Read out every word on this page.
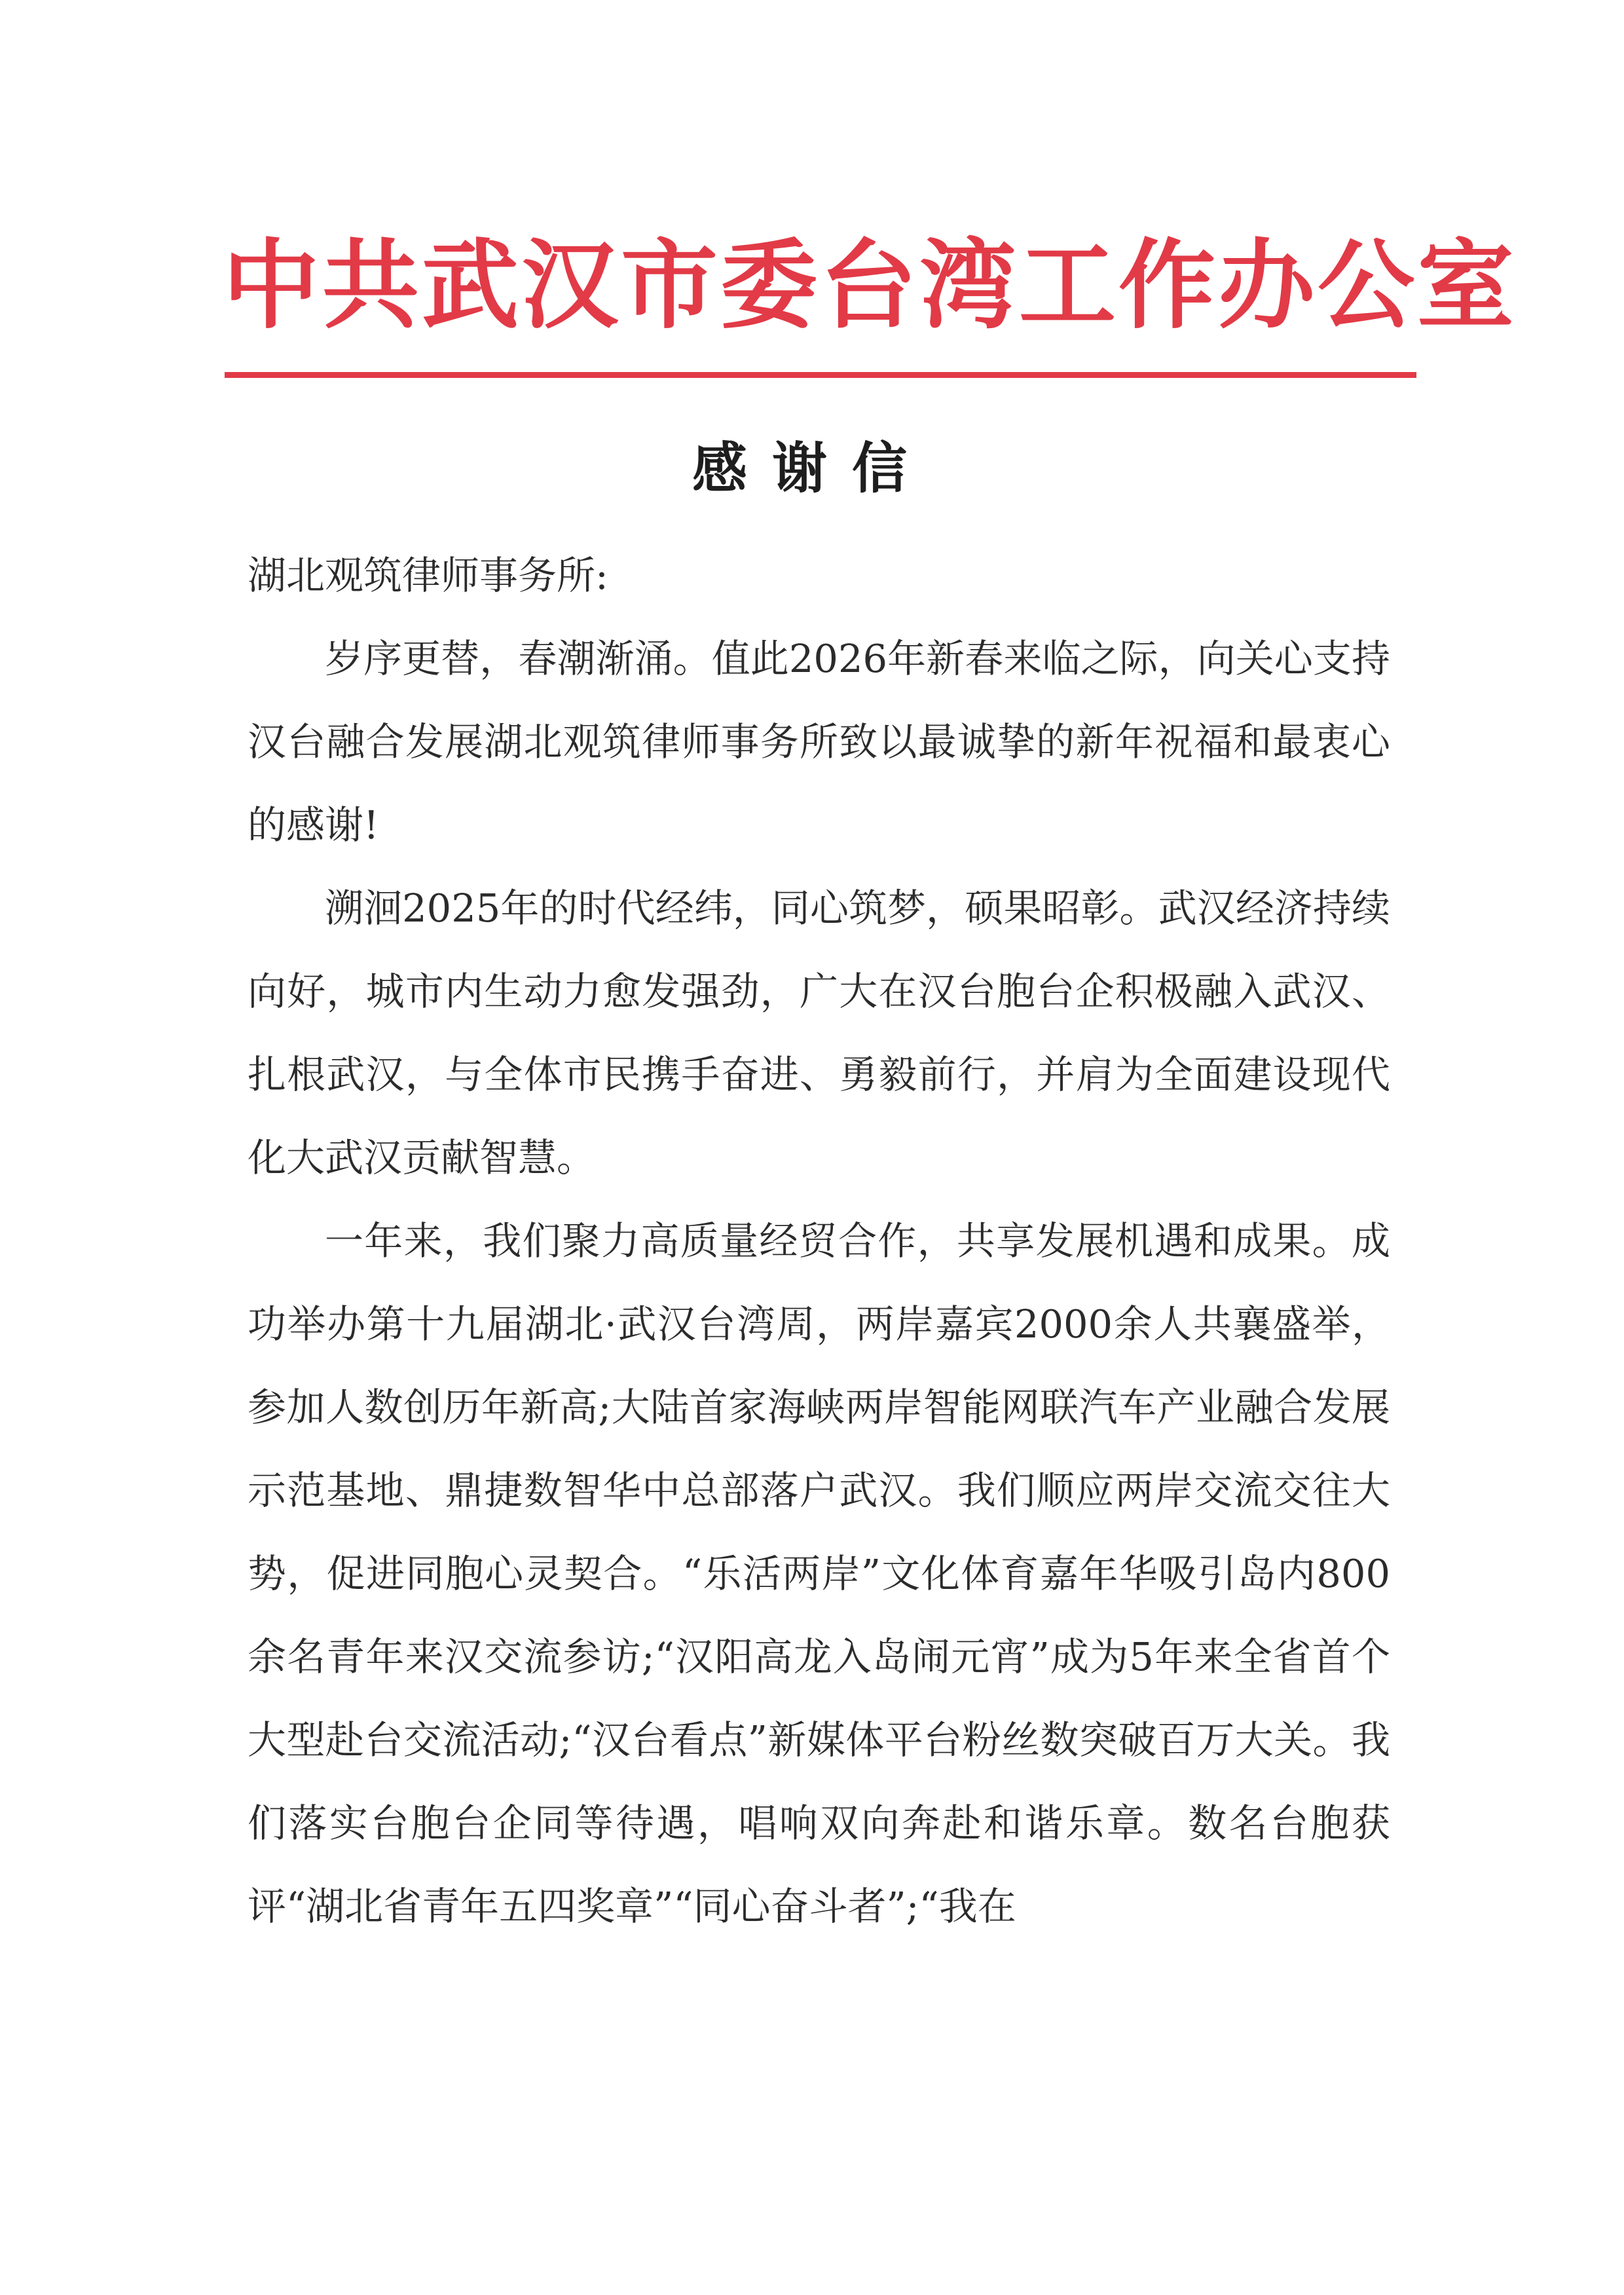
中共武汉市委台湾工作办公室
感谢信

湖北观筑律师事务所:

岁序更替，春潮渐涌。值此2026年新春来临之际，向关心支持汉台融合发展湖北观筑律师事务所致以最诚挚的新年祝福和最衷心的感谢!

溯洄2025年的时代经纬，同心筑梦，硕果昭彰。武汉经济持续向好，城市内生动力愈发强劲，广大在汉台胞台企积极融入武汉、扎根武汉，与全体市民携手奋进、勇毅前行，并肩为全面建设现代化大武汉贡献智慧。

一年来，我们聚力高质量经贸合作，共享发展机遇和成果。成功举办第十九届湖北·武汉台湾周，两岸嘉宾2000余人共襄盛举，参加人数创历年新高;大陆首家海峡两岸智能网联汽车产业融合发展示范基地、鼎捷数智华中总部落户武汉。我们顺应两岸交流交往大势，促进同胞心灵契合。“乐活两岸”文化体育嘉年华吸引岛内800余名青年来汉交流参访;“汉阳高龙入岛闹元宵”成为5年来全省首个大型赴台交流活动;“汉台看点”新媒体平台粉丝数突破百万大关。我们落实台胞台企同等待遇，唱响双向奔赴和谐乐章。数名台胞获评“湖北省青年五四奖章”“同心奋斗者”;“我在
